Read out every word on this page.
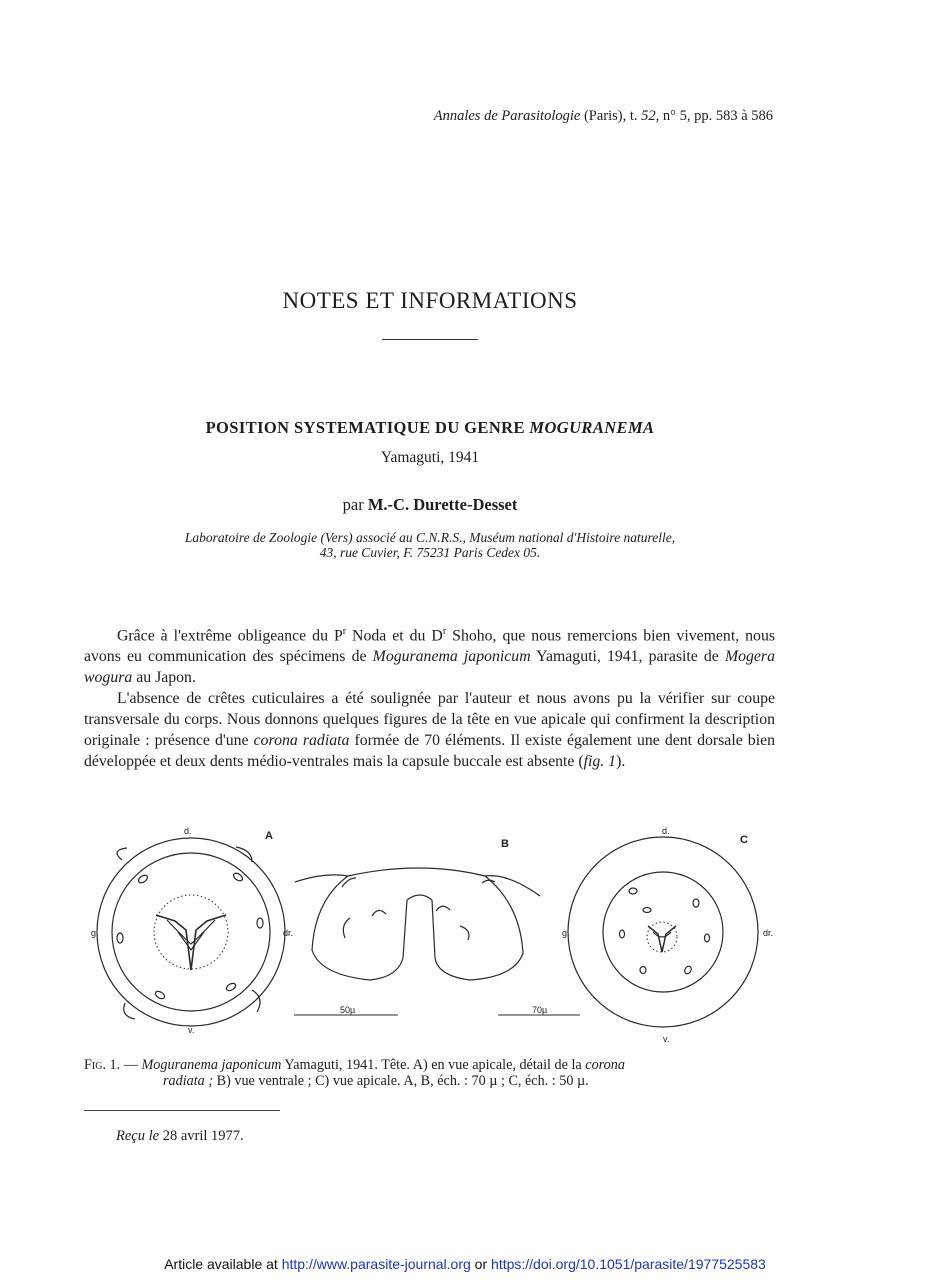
Annales de Parasitologie (Paris), t. 52, n° 5, pp. 583 à 586
NOTES ET INFORMATIONS
POSITION SYSTEMATIQUE DU GENRE MOGURANEMA
Yamaguti, 1941
par M.-C. Durette-Desset
Laboratoire de Zoologie (Vers) associé au C.N.R.S., Muséum national d'Histoire naturelle,
43, rue Cuvier, F. 75231 Paris Cedex 05.

Grâce à l'extrême obligeance du $P^r$ Noda et du $D^r$ Shoho, que nous remercions bien vivement, nous avons eu communication des spécimens de Moguranema japonicum Yamaguti, 1941, parasite de Mogera wogura au Japon.

L'absence de crêtes cuticulaires a été soulignée par l'auteur et nous avons pu la vérifier sur coupe transversale du corps. Nous donnons quelques figures de la tête en vue apicale qui confirment la description originale : présence d'une corona radiata formée de 70 éléments. Il existe également une dent dorsale bien développée et deux dents médio-ventrales mais la capsule buccale est absente (fig. 1).

d.
g.	dr.
v.
d.
g.	dr.
v.
50µ	70µ
A
B	C
Fig. 1. — Moguranema japonicum Yamaguti, 1941. Tête. A) en vue apicale, détail de la corona
radiata ; B) vue ventrale ; C) vue apicale. A, B, éch. : 70 µ ; C, éch. : 50 µ.
Reçu le 28 avril 1977.
Article available at http://www.parasite-journal.org or https://doi.org/10.1051/parasite/1977525583
